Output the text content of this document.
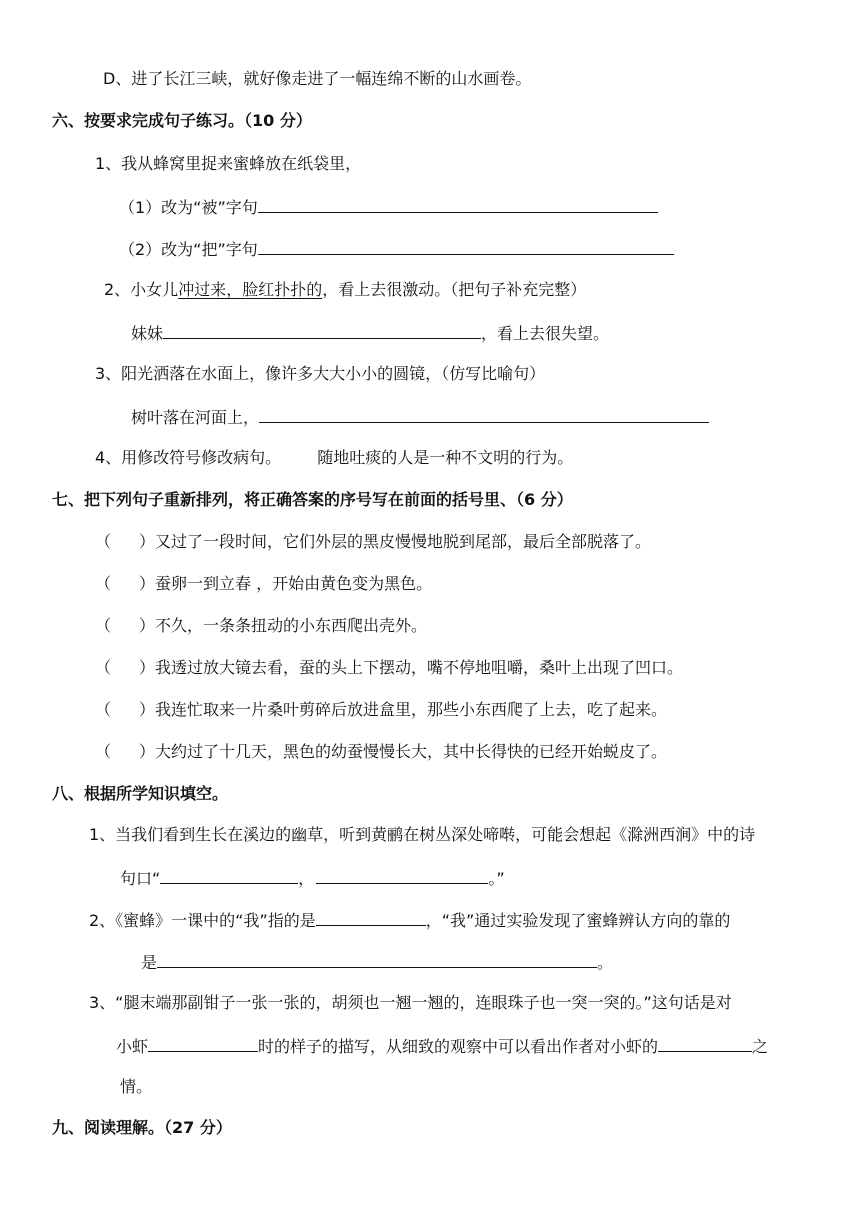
D、进了长江三峡，就好像走进了一幅连绵不断的山水画卷。
六、按要求完成句子练习。（10 分）
1、我从蜂窝里捉来蜜蜂放在纸袋里，
（1）改为“被”字句
（2）改为“把”字句
2、小女儿冲过来，脸红扑扑的，看上去很激动。（把句子补充完整）
妹妹	，看上去很失望。
3、阳光洒落在水面上，像许多大大小小的圆镜，（仿写比喻句）
树叶落在河面上，
4、用修改符号修改病句。 随地吐痰的人是一种不文明的行为。
七、把下列句子重新排列，将正确答案的序号写在前面的括号里、（6 分）
（ ）又过了一段时间，它们外层的黑皮慢慢地脱到尾部，最后全部脱落了。
（ ）蚕卵一到立春 ，开始由黄色变为黑色。
（ ）不久，一条条扭动的小东西爬出壳外。
（ ）我透过放大镜去看，蚕的头上下摆动，嘴不停地咀嚼，桑叶上出现了凹口。
（ ）我连忙取来一片桑叶剪碎后放进盒里，那些小东西爬了上去，吃了起来。
（ ）大约过了十几天，黑色的幼蚕慢慢长大，其中长得快的已经开始蜕皮了。
八、根据所学知识填空。
1、当我们看到生长在溪边的幽草，听到黄鹂在树丛深处啼啭，可能会想起《滁洲西涧》中的诗
句口“	，	。”
2、《蜜蜂》一课中的“我”指的是	，“我”通过实验发现了蜜蜂辨认方向的靠的
是	。
3、“腿末端那副钳子一张一张的，胡须也一翘一翘的，连眼珠子也一突一突的。”这句话是对
小虾	时的样子的描写，从细致的观察中可以看出作者对小虾的	之
情。
九、阅读理解。（27 分）
